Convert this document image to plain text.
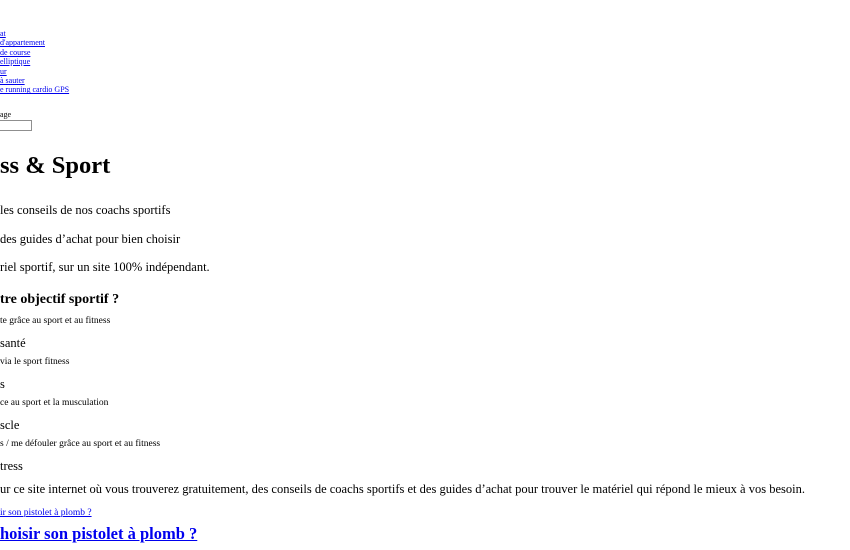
at
d'appartement
de course
elliptique
ur
à sauter
e running cardio GPS
age
ss & Sport

les conseils de nos coachs sportifs

des guides d’achat pour bien choisir

riel sportif, sur un site 100% indépendant.

tre objectif sportif ?

te grâce au sport et au fitness

santé

via le sport fitness

s

ce au sport et la musculation

scle

s / me défouler grâce au sport et au fitness

tress

ur ce site internet où vous trouverez gratuitement, des conseils de coachs sportifs et des guides d’achat pour trouver le matériel qui répond le mieux à vos besoin.

ir son pistolet à plomb ?
hoisir son pistolet à plomb ?
